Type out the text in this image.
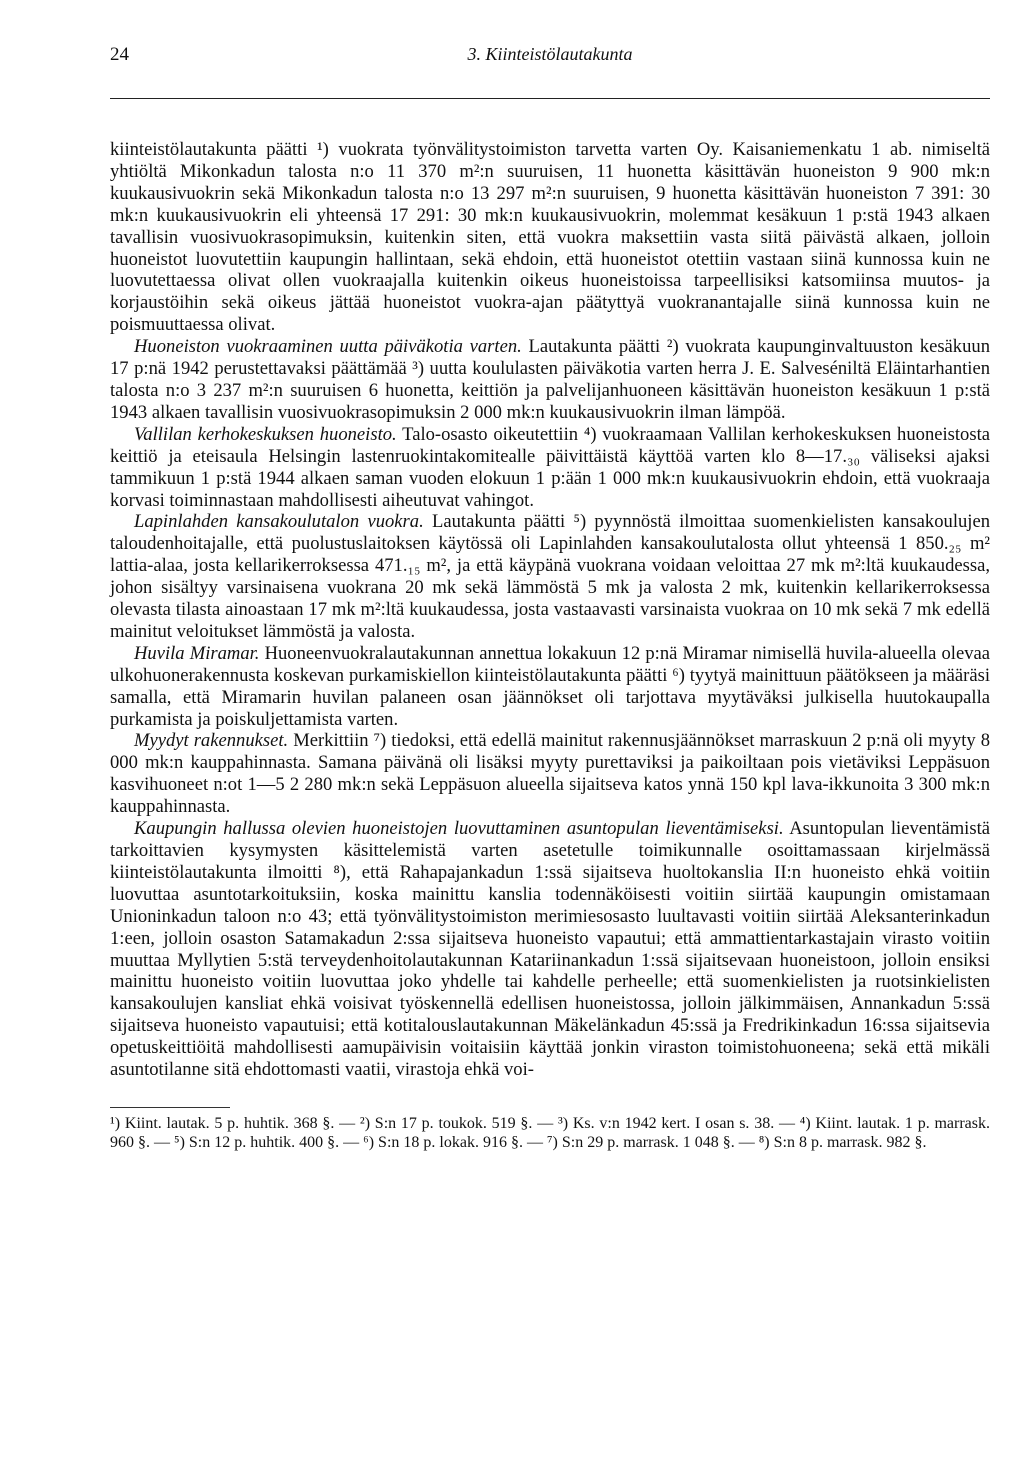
24	3. Kiinteistölautakunta

kiinteistölautakunta päätti ¹) vuokrata työnvälitystoimiston tarvetta varten Oy. Kaisaniemenkatu 1 ab. nimiseltä yhtiöltä Mikonkadun talosta n:o 11 370 m²:n suuruisen, 11 huonetta käsittävän huoneiston 9 900 mk:n kuukausivuokrin sekä Mikonkadun talosta n:o 13 297 m²:n suuruisen, 9 huonetta käsittävän huoneiston 7 391: 30 mk:n kuukausivuokrin eli yhteensä 17 291: 30 mk:n kuukausivuokrin, molemmat kesäkuun 1 p:stä 1943 alkaen tavallisin vuosivuokrasopimuksin, kuitenkin siten, että vuokra maksettiin vasta siitä päivästä alkaen, jolloin huoneistot luovutettiin kaupungin hallintaan, sekä ehdoin, että huoneistot otettiin vastaan siinä kunnossa kuin ne luovutettaessa olivat ollen vuokraajalla kuitenkin oikeus huoneistoissa tarpeellisiksi katsomiinsa muutos- ja korjaustöihin sekä oikeus jättää huoneistot vuokra-ajan päätyttyä vuokranantajalle siinä kunnossa kuin ne poismuuttaessa olivat.

Huoneiston vuokraaminen uutta päiväkotia varten. Lautakunta päätti ²) vuokrata kaupunginvaltuuston kesäkuun 17 p:nä 1942 perustettavaksi päättämää ³) uutta koululasten päiväkotia varten herra J. E. Salveséniltä Eläintarhantien talosta n:o 3 237 m²:n suuruisen 6 huonetta, keittiön ja palvelijanhuoneen käsittävän huoneiston kesäkuun 1 p:stä 1943 alkaen tavallisin vuosivuokrasopimuksin 2 000 mk:n kuukausivuokrin ilman lämpöä.

Vallilan kerhokeskuksen huoneisto. Talo-osasto oikeutettiin ⁴) vuokraamaan Vallilan kerhokeskuksen huoneistosta keittiö ja eteisaula Helsingin lastenruokintakomitealle päivittäistä käyttöä varten klo 8—17.₃₀ väliseksi ajaksi tammikuun 1 p:stä 1944 alkaen saman vuoden elokuun 1 p:ään 1 000 mk:n kuukausivuokrin ehdoin, että vuokraaja korvasi toiminnastaan mahdollisesti aiheutuvat vahingot.

Lapinlahden kansakoulutalon vuokra. Lautakunta päätti ⁵) pyynnöstä ilmoittaa suomenkielisten kansakoulujen taloudenhoitajalle, että puolustuslaitoksen käytössä oli Lapinlahden kansakoulutalosta ollut yhteensä 1 850.₂₅ m² lattia-alaa, josta kellarikerroksessa 471.₁₅ m², ja että käypänä vuokrana voidaan veloittaa 27 mk m²:ltä kuukaudessa, johon sisältyy varsinaisena vuokrana 20 mk sekä lämmöstä 5 mk ja valosta 2 mk, kuitenkin kellarikerroksessa olevasta tilasta ainoastaan 17 mk m²:ltä kuukaudessa, josta vastaavasti varsinaista vuokraa on 10 mk sekä 7 mk edellä mainitut veloitukset lämmöstä ja valosta.

Huvila Miramar. Huoneenvuokralautakunnan annettua lokakuun 12 p:nä Miramar nimisellä huvila-alueella olevaa ulkohuonerakennusta koskevan purkamiskiellon kiinteistölautakunta päätti ⁶) tyytyä mainittuun päätökseen ja määräsi samalla, että Miramarin huvilan palaneen osan jäännökset oli tarjottava myytäväksi julkisella huutokaupalla purkamista ja poiskuljettamista varten.

Myydyt rakennukset. Merkittiin ⁷) tiedoksi, että edellä mainitut rakennusjäännökset marraskuun 2 p:nä oli myyty 8 000 mk:n kauppahinnasta. Samana päivänä oli lisäksi myyty purettaviksi ja paikoiltaan pois vietäviksi Leppäsuon kasvihuoneet n:ot 1—5 2 280 mk:n sekä Leppäsuon alueella sijaitseva katos ynnä 150 kpl lava-ikkunoita 3 300 mk:n kauppahinnasta.

Kaupungin hallussa olevien huoneistojen luovuttaminen asuntopulan lieventämiseksi. Asuntopulan lieventämistä tarkoittavien kysymysten käsittelemistä varten asetetulle toimikunnalle osoittamassaan kirjelmässä kiinteistölautakunta ilmoitti ⁸), että Rahapajankadun 1:ssä sijaitseva huoltokanslia II:n huoneisto ehkä voitiin luovuttaa asuntotarkoituksiin, koska mainittu kanslia todennäköisesti voitiin siirtää kaupungin omistamaan Unioninkadun taloon n:o 43; että työnvälitystoimiston merimiesosasto luultavasti voitiin siirtää Aleksanterinkadun 1:een, jolloin osaston Satamakadun 2:ssa sijaitseva huoneisto vapautui; että ammattientarkastajain virasto voitiin muuttaa Myllytien 5:stä terveydenhoitolautakunnan Katariinankadun 1:ssä sijaitsevaan huoneistoon, jolloin ensiksi mainittu huoneisto voitiin luovuttaa joko yhdelle tai kahdelle perheelle; että suomenkielisten ja ruotsinkielisten kansakoulujen kansliat ehkä voisivat työskennellä edellisen huoneistossa, jolloin jälkimmäisen, Annankadun 5:ssä sijaitseva huoneisto vapautuisi; että kotitalouslautakunnan Mäkelänkadun 45:ssä ja Fredrikinkadun 16:ssa sijaitsevia opetuskeittiöitä mahdollisesti aamupäivisin voitaisiin käyttää jonkin viraston toimistohuoneena; sekä että mikäli asuntotilanne sitä ehdottomasti vaatii, virastoja ehkä voi-

¹) Kiint. lautak. 5 p. huhtik. 368 §. — ²) S:n 17 p. toukok. 519 §. — ³) Ks. v:n 1942 kert. I osan s. 38. — ⁴) Kiint. lautak. 1 p. marrask. 960 §. — ⁵) S:n 12 p. huhtik. 400 §. — ⁶) S:n 18 p. lokak. 916 §. — ⁷) S:n 29 p. marrask. 1 048 §. — ⁸) S:n 8 p. marrask. 982 §.
